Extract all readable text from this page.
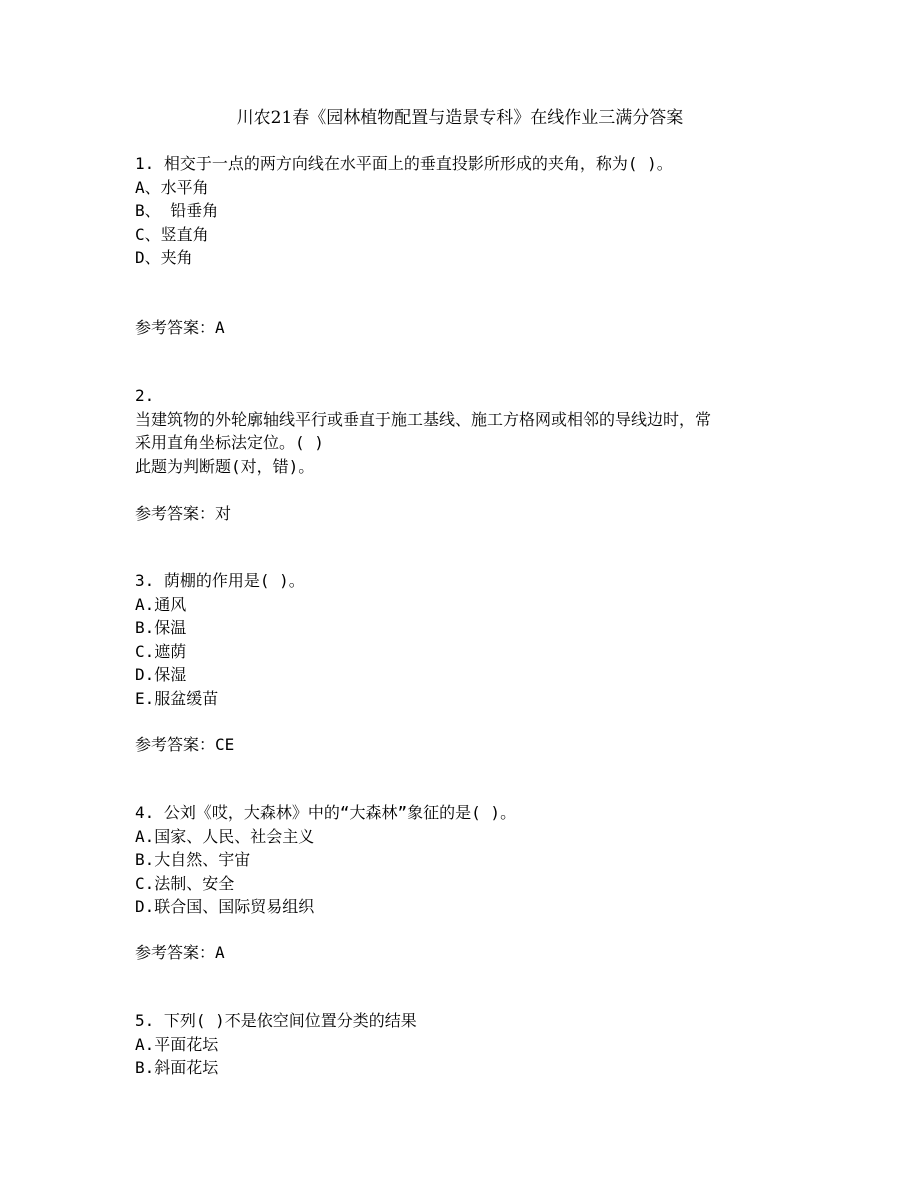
川农21春《园林植物配置与造景专科》在线作业三满分答案
1. 相交于一点的两方向线在水平面上的垂直投影所形成的夹角，称为( )。
A、水平角
B、 铅垂角
C、竖直角
D、夹角
参考答案：A
2.
当建筑物的外轮廓轴线平行或垂直于施工基线、施工方格网或相邻的导线边时，常
采用直角坐标法定位。( )
此题为判断题(对，错)。
参考答案：对
3. 荫棚的作用是( )。
A.通风
B.保温
C.遮荫
D.保湿
E.服盆缓苗
参考答案：CE
4. 公刘《哎，大森林》中的“大森林”象征的是( )。
A.国家、人民、社会主义
B.大自然、宇宙
C.法制、安全
D.联合国、国际贸易组织
参考答案：A
5. 下列( )不是依空间位置分类的结果
A.平面花坛
B.斜面花坛
